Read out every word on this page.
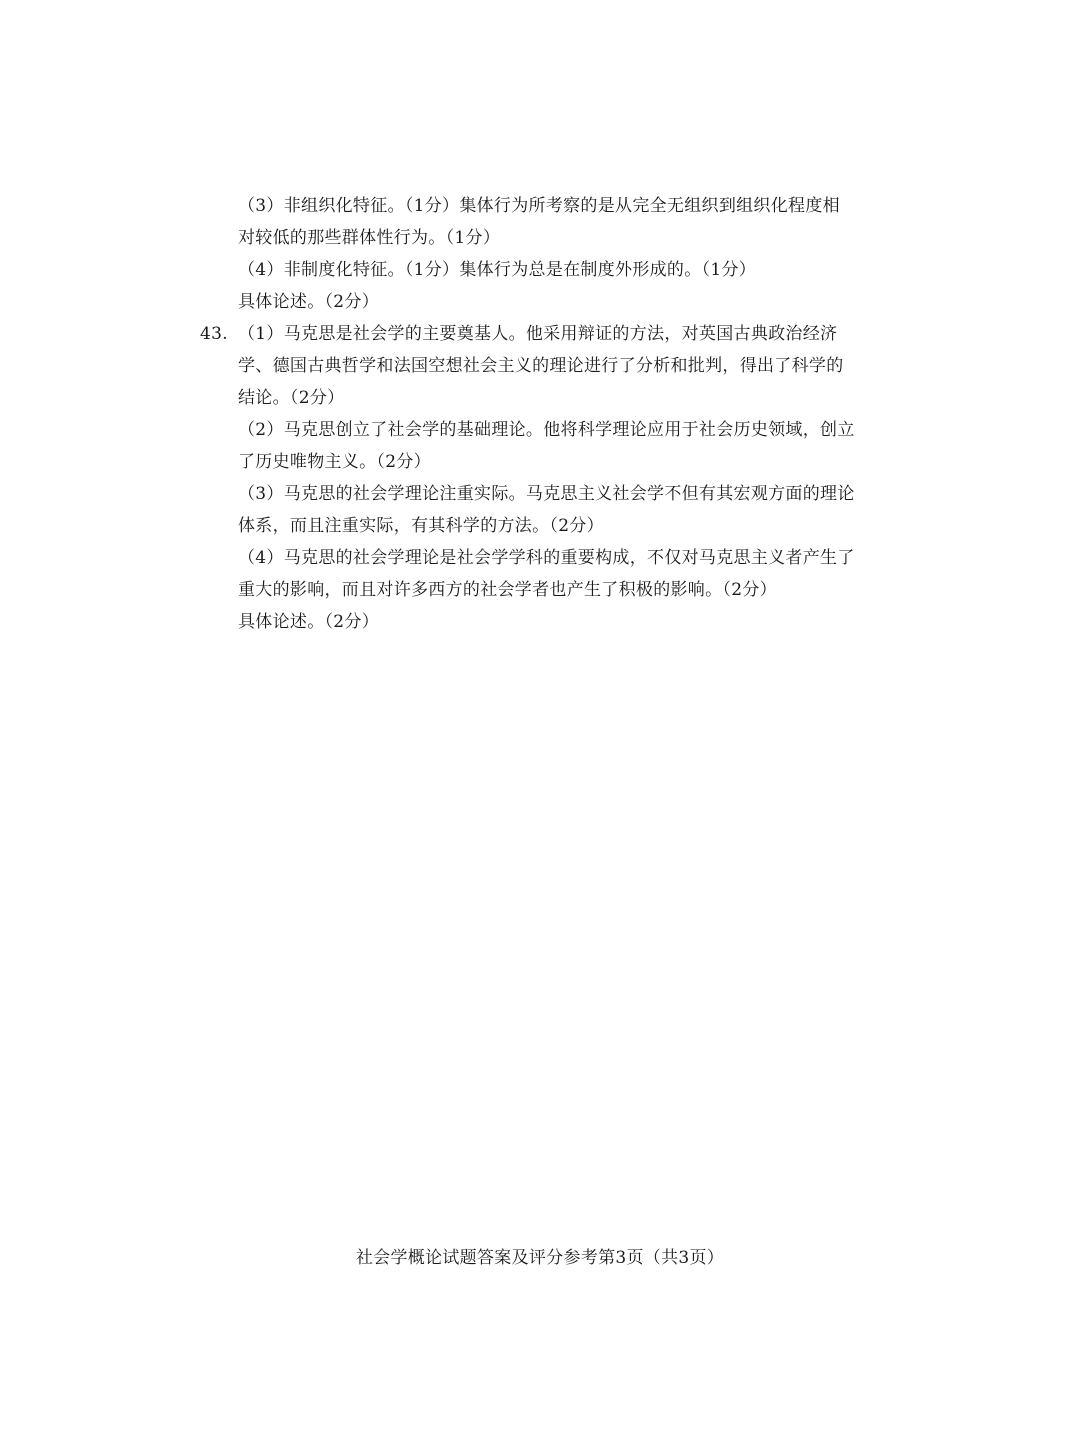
（3）非组织化特征。（1分）集体行为所考察的是从完全无组织到组织化程度相
对较低的那些群体性行为。（1分）
（4）非制度化特征。（1分）集体行为总是在制度外形成的。（1分）
具体论述。（2分）
43. （1）马克思是社会学的主要奠基人。他采用辩证的方法，对英国古典政治经济
学、德国古典哲学和法国空想社会主义的理论进行了分析和批判，得出了科学的
结论。（2分）
（2）马克思创立了社会学的基础理论。他将科学理论应用于社会历史领域，创立
了历史唯物主义。（2分）
（3）马克思的社会学理论注重实际。马克思主义社会学不但有其宏观方面的理论
体系，而且注重实际，有其科学的方法。（2分）
（4）马克思的社会学理论是社会学学科的重要构成，不仅对马克思主义者产生了
重大的影响，而且对许多西方的社会学者也产生了积极的影响。（2分）
具体论述。（2分）
社会学概论试题答案及评分参考第3页（共3页）
